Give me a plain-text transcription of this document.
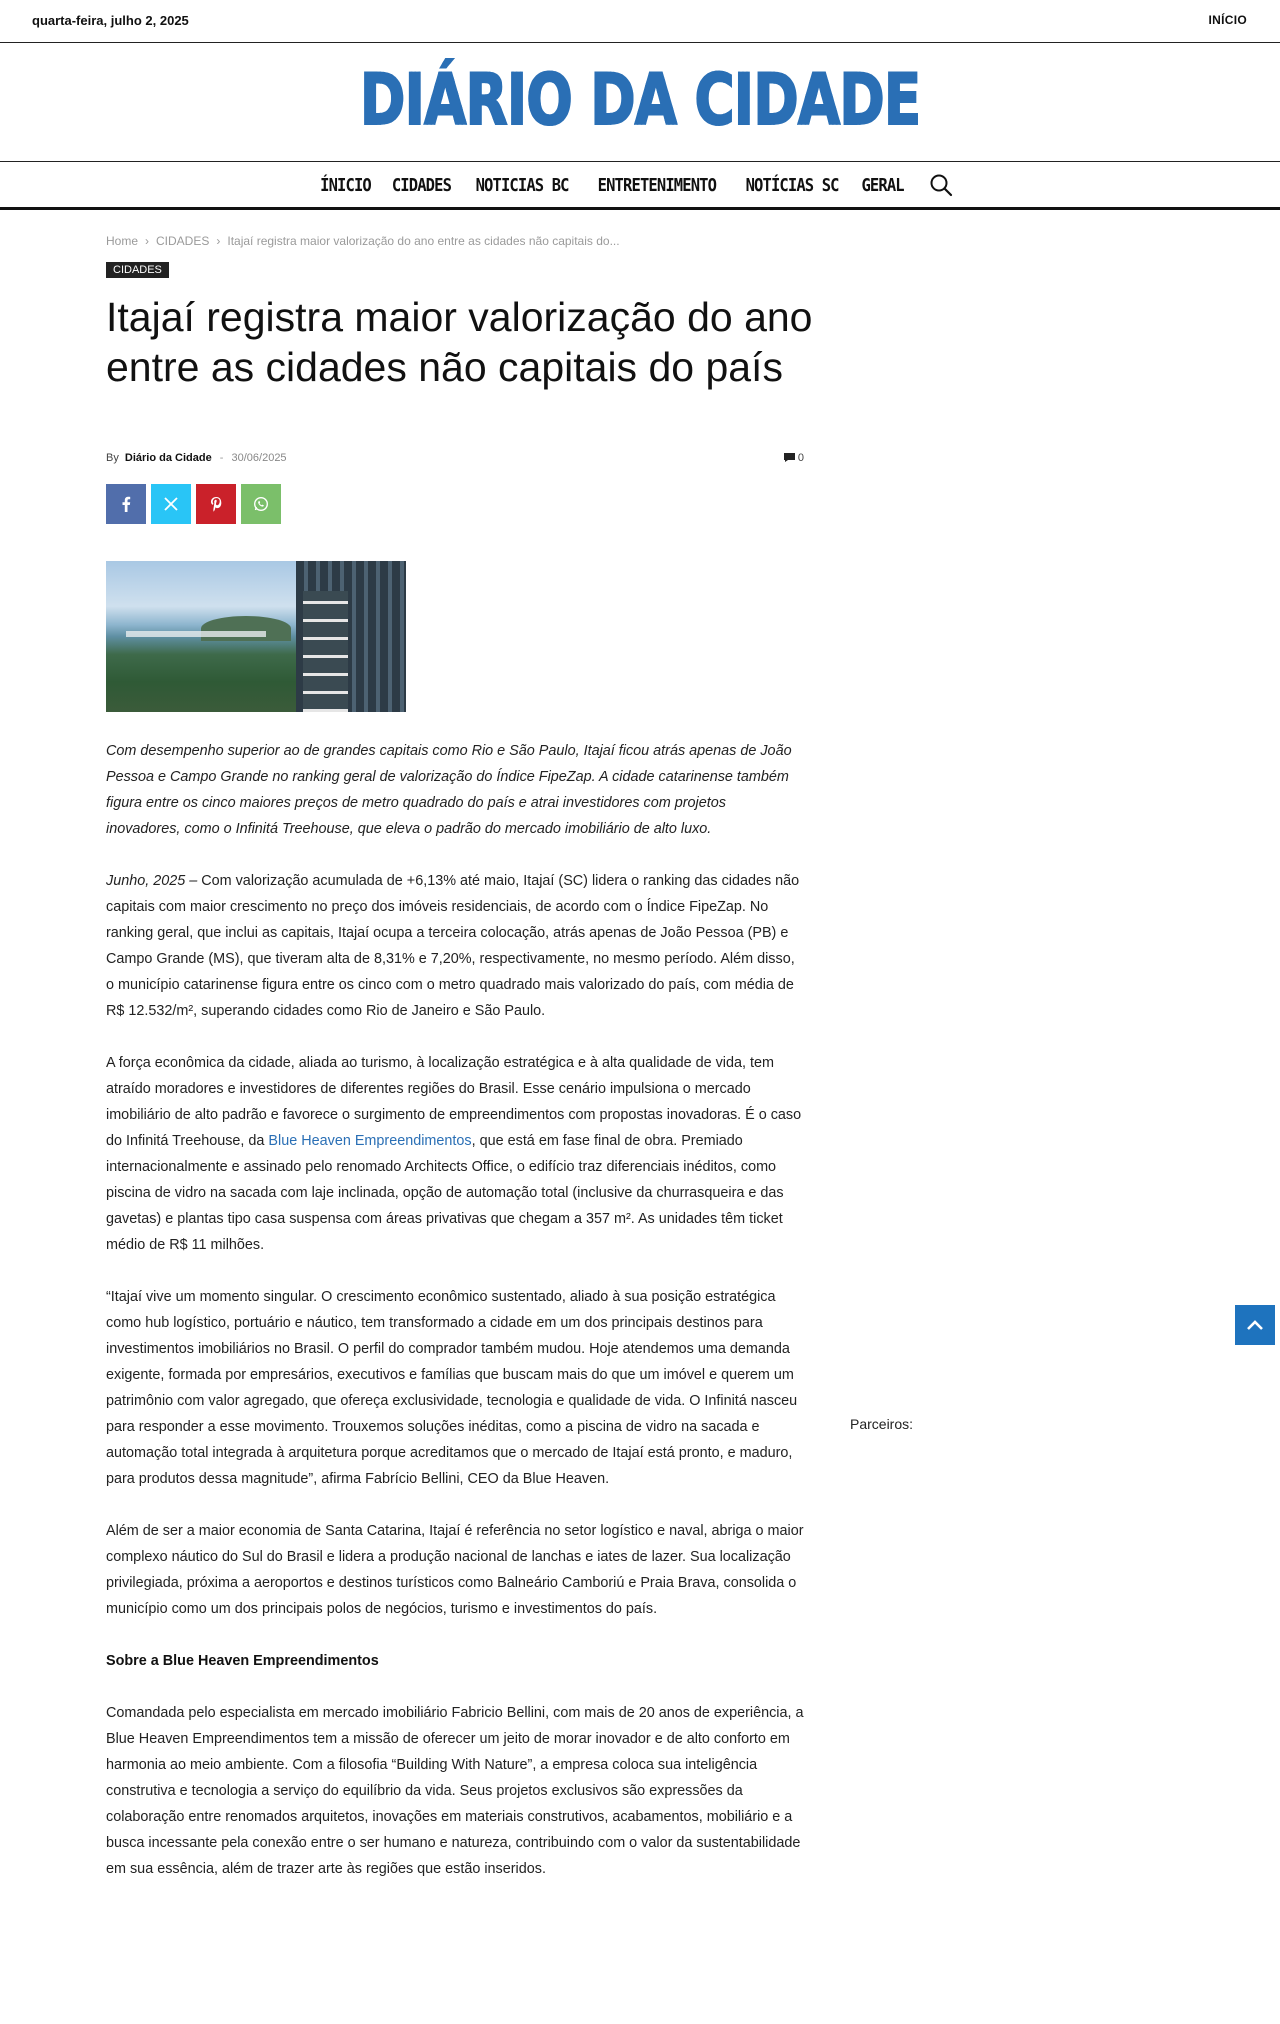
quarta-feira, julho 2, 2025	INÍCIO
DIÁRIO DA CIDADE
ÍNICIO CIDADES NOTICIAS BC ENTRETENIMENTO NOTÍCIAS SC GERAL
Home › CIDADES › Itajaí registra maior valorização do ano entre as cidades não capitais do...
CIDADES
Itajaí registra maior valorização do ano entre as cidades não capitais do país
By Diário da Cidade - 30/06/2025	0

Com desempenho superior ao de grandes capitais como Rio e São Paulo, Itajaí ficou atrás apenas de João Pessoa e Campo Grande no ranking geral de valorização do Índice FipeZap. A cidade catarinense também figura entre os cinco maiores preços de metro quadrado do país e atrai investidores com projetos inovadores, como o Infinitá Treehouse, que eleva o padrão do mercado imobiliário de alto luxo.

Junho, 2025 – Com valorização acumulada de +6,13% até maio, Itajaí (SC) lidera o ranking das cidades não capitais com maior crescimento no preço dos imóveis residenciais, de acordo com o Índice FipeZap. No ranking geral, que inclui as capitais, Itajaí ocupa a terceira colocação, atrás apenas de João Pessoa (PB) e Campo Grande (MS), que tiveram alta de 8,31% e 7,20%, respectivamente, no mesmo período. Além disso, o município catarinense figura entre os cinco com o metro quadrado mais valorizado do país, com média de R$ 12.532/m², superando cidades como Rio de Janeiro e São Paulo.

A força econômica da cidade, aliada ao turismo, à localização estratégica e à alta qualidade de vida, tem atraído moradores e investidores de diferentes regiões do Brasil. Esse cenário impulsiona o mercado imobiliário de alto padrão e favorece o surgimento de empreendimentos com propostas inovadoras. É o caso do Infinitá Treehouse, da Blue Heaven Empreendimentos, que está em fase final de obra. Premiado internacionalmente e assinado pelo renomado Architects Office, o edifício traz diferenciais inéditos, como piscina de vidro na sacada com laje inclinada, opção de automação total (inclusive da churrasqueira e das gavetas) e plantas tipo casa suspensa com áreas privativas que chegam a 357 m². As unidades têm ticket médio de R$ 11 milhões.

“Itajaí vive um momento singular. O crescimento econômico sustentado, aliado à sua posição estratégica como hub logístico, portuário e náutico, tem transformado a cidade em um dos principais destinos para investimentos imobiliários no Brasil. O perfil do comprador também mudou. Hoje atendemos uma demanda exigente, formada por empresários, executivos e famílias que buscam mais do que um imóvel e querem um patrimônio com valor agregado, que ofereça exclusividade, tecnologia e qualidade de vida. O Infinitá nasceu para responder a esse movimento. Trouxemos soluções inéditas, como a piscina de vidro na sacada e automação total integrada à arquitetura porque acreditamos que o mercado de Itajaí está pronto, e maduro, para produtos dessa magnitude”, afirma Fabrício Bellini, CEO da Blue Heaven.

Além de ser a maior economia de Santa Catarina, Itajaí é referência no setor logístico e naval, abriga o maior complexo náutico do Sul do Brasil e lidera a produção nacional de lanchas e iates de lazer. Sua localização privilegiada, próxima a aeroportos e destinos turísticos como Balneário Camboriú e Praia Brava, consolida o município como um dos principais polos de negócios, turismo e investimentos do país.

Sobre a Blue Heaven Empreendimentos

Comandada pelo especialista em mercado imobiliário Fabricio Bellini, com mais de 20 anos de experiência, a Blue Heaven Empreendimentos tem a missão de oferecer um jeito de morar inovador e de alto conforto em harmonia ao meio ambiente. Com a filosofia “Building With Nature”, a empresa coloca sua inteligência construtiva e tecnologia a serviço do equilíbrio da vida. Seus projetos exclusivos são expressões da colaboração entre renomados arquitetos, inovações em materiais construtivos, acabamentos, mobiliário e a busca incessante pela conexão entre o ser humano e natureza, contribuindo com o valor da sustentabilidade em sua essência, além de trazer arte às regiões que estão inseridos.

Parceiros:
